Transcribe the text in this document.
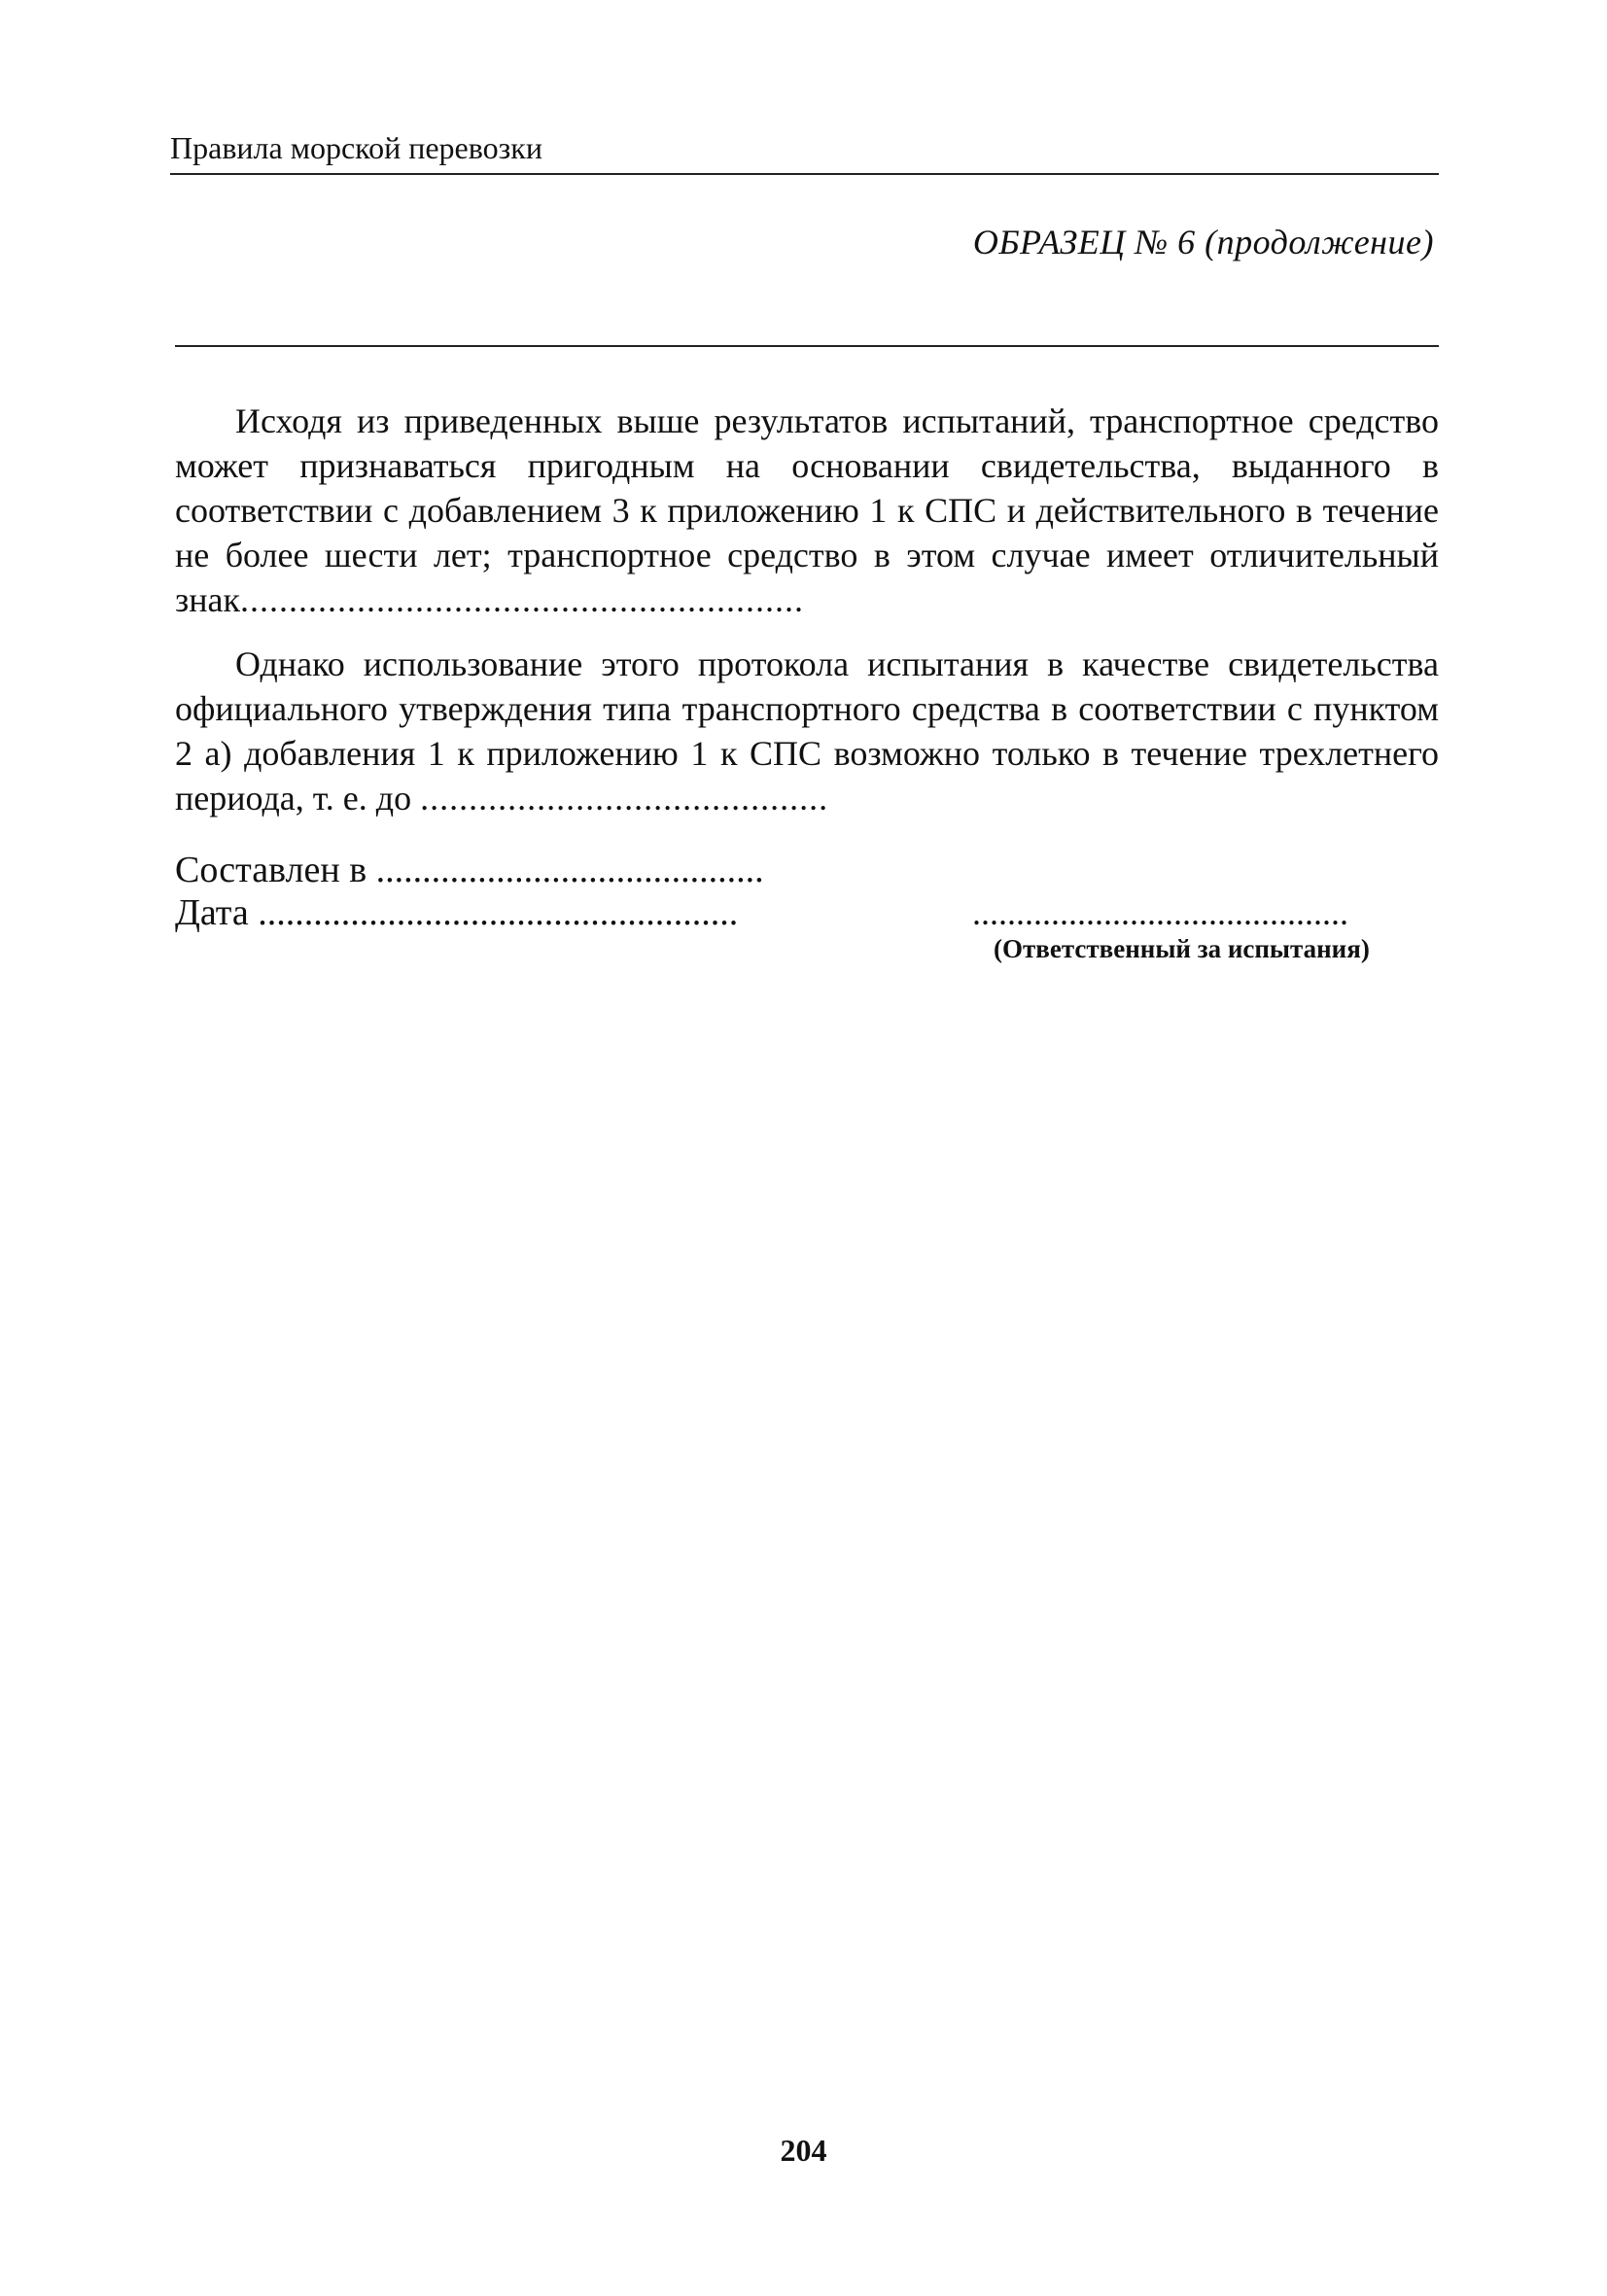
Правила морской перевозки
ОБРАЗЕЦ № 6 (продолжение)

Исходя из приведенных выше результатов испытаний, транспортное средство может признаваться пригодным на основании свидетельства, выданного в соответствии с добавлением 3 к приложению 1 к СПС и действительного в течение не более шести лет; транспортное средство в этом случае имеет отличительный знак..........................................................

Однако использование этого протокола испытания в качестве свидетельства официального утверждения типа транспортного средства в соответствии с пунктом 2 а) добавления 1 к приложению 1 к СПС возможно только в течение трехлетнего периода, т. е. до ..........................................

Составлен в ..........................................
Дата ....................................................	...........................................
(Ответственный за испытания)
204
